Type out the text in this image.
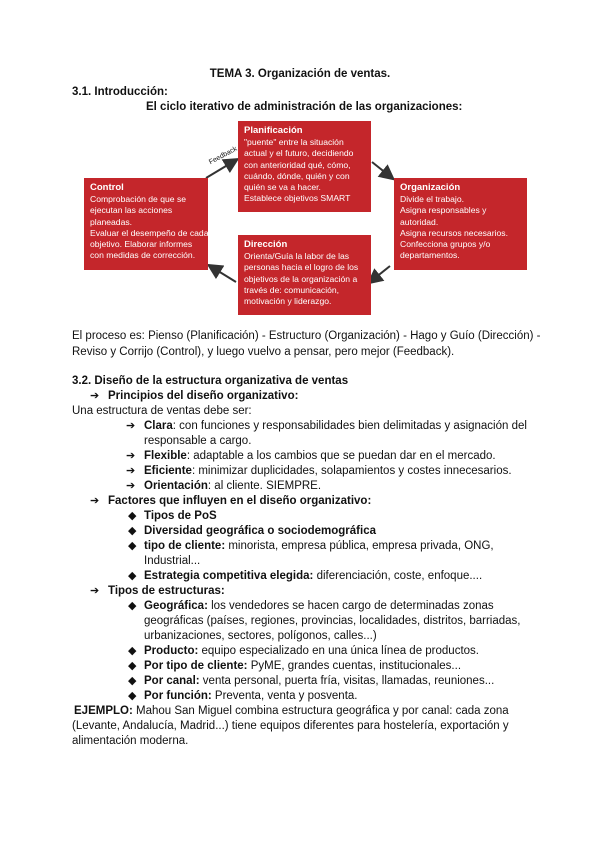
TEMA 3. Organización de ventas.
3.1. Introducción:
El ciclo iterativo de administración de las organizaciones:
Feedback
Planificación
"puente" entre la situación
actual y el futuro, decidiendo
con anterioridad qué, cómo,
cuándo, dónde, quién y con
quién se va a hacer.
Establece objetivos SMART
Organización
Divide el trabajo.
Asigna responsables y
autoridad.
Asigna recursos necesarios.
Confecciona grupos y/o
departamentos.
Dirección
Orienta/Guía la labor de las
personas hacia el logro de los
objetivos de la organización a
través de: comunicación,
motivación y liderazgo.
Control
Comprobación de que se
ejecutan las acciones
planeadas.
Evaluar el desempeño de cada
objetivo. Elaborar informes
con medidas de corrección.
El proceso es: Pienso (Planificación) - Estructuro (Organización) - Hago y Guío (Dirección) -
Reviso y Corrijo (Control), y luego vuelvo a pensar, pero mejor (Feedback).
3.2. Diseño de la estructura organizativa de ventas
➔ Principios del diseño organizativo:
Una estructura de ventas debe ser:
➔ Clara: con funciones y responsabilidades bien delimitadas y asignación del
responsable a cargo.
➔ Flexible: adaptable a los cambios que se puedan dar en el mercado.
➔ Eficiente: minimizar duplicidades, solapamientos y costes innecesarios.
➔ Orientación: al cliente. SIEMPRE.
➔ Factores que influyen en el diseño organizativo:
◆ Tipos de PoS
◆ Diversidad geográfica o sociodemográfica
◆ tipo de cliente: minorista, empresa pública, empresa privada, ONG,
Industrial...
◆ Estrategia competitiva elegida: diferenciación, coste, enfoque....
➔ Tipos de estructuras:
◆ Geográfica: los vendedores se hacen cargo de determinadas zonas
geográficas (países, regiones, provincias, localidades, distritos, barriadas,
urbanizaciones, sectores, polígonos, calles...)
◆ Producto: equipo especializado en una única línea de productos.
◆ Por tipo de cliente: PyME, grandes cuentas, institucionales...
◆ Por canal: venta personal, puerta fría, visitas, llamadas, reuniones...
◆ Por función: Preventa, venta y posventa.
EJEMPLO: Mahou San Miguel combina estructura geográfica y por canal: cada zona
(Levante, Andalucía, Madrid...) tiene equipos diferentes para hostelería, exportación y
alimentación moderna.
